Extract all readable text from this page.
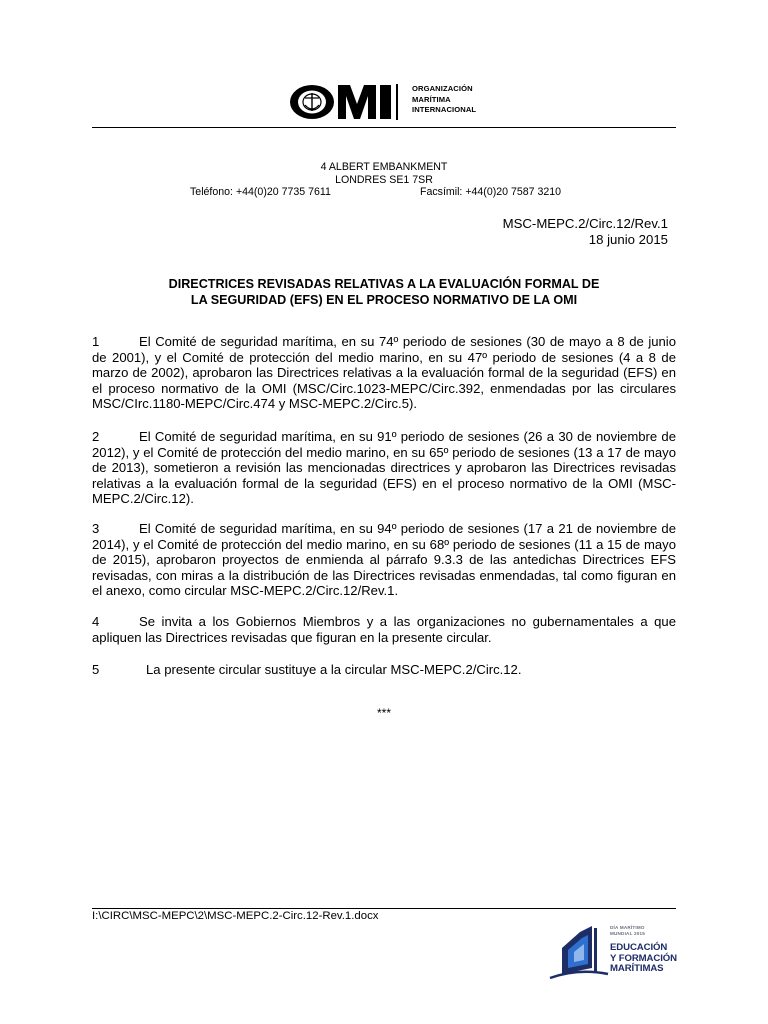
ORGANIZACIÓN
MARÍTIMA
INTERNACIONAL
4 ALBERT EMBANKMENT
LONDRES SE1 7SR
Teléfono: +44(0)20 7735 7611	Facsímil: +44(0)20 7587 3210
MSC-MEPC.2/Circ.12/Rev.1
18 junio 2015
DIRECTRICES REVISADAS RELATIVAS A LA EVALUACIÓN FORMAL DE
LA SEGURIDAD (EFS) EN EL PROCESO NORMATIVO DE LA OMI
1	El Comité de seguridad marítima, en su 74º periodo de sesiones (30 de mayo a 8 de junio de 2001), y el Comité de protección del medio marino, en su 47º periodo de sesiones (4 a 8 de marzo de 2002), aprobaron las Directrices relativas a la evaluación formal de la seguridad (EFS) en el proceso normativo de la OMI (MSC/Circ.1023-MEPC/Circ.392, enmendadas por las circulares MSC/CIrc.1180-MEPC/Circ.474 y MSC-MEPC.2/Circ.5).
2	El Comité de seguridad marítima, en su 91º periodo de sesiones (26 a 30 de noviembre de 2012), y el Comité de protección del medio marino, en su 65º periodo de sesiones (13 a 17 de mayo de 2013), sometieron a revisión las mencionadas directrices y aprobaron las Directrices revisadas relativas a la evaluación formal de la seguridad (EFS) en el proceso normativo de la OMI (MSC-MEPC.2/Circ.12).
3	El Comité de seguridad marítima, en su 94º periodo de sesiones (17 a 21 de noviembre de 2014), y el Comité de protección del medio marino, en su 68º periodo de sesiones (11 a 15 de mayo de 2015), aprobaron proyectos de enmienda al párrafo 9.3.3 de las antedichas Directrices EFS revisadas, con miras a la distribución de las Directrices revisadas enmendadas, tal como figuran en el anexo, como circular MSC-MEPC.2/Circ.12/Rev.1.
4	Se invita a los Gobiernos Miembros y a las organizaciones no gubernamentales a que apliquen las Directrices revisadas que figuran en la presente circular.
5	La presente circular sustituye a la circular MSC-MEPC.2/Circ.12.
***
I:\CIRC\MSC-MEPC\2\MSC-MEPC.2-Circ.12-Rev.1.docx
DÍA MARÍTIMO
MUNDIAL 2015
EDUCACIÓN
Y FORMACIÓN
MARÍTIMAS
